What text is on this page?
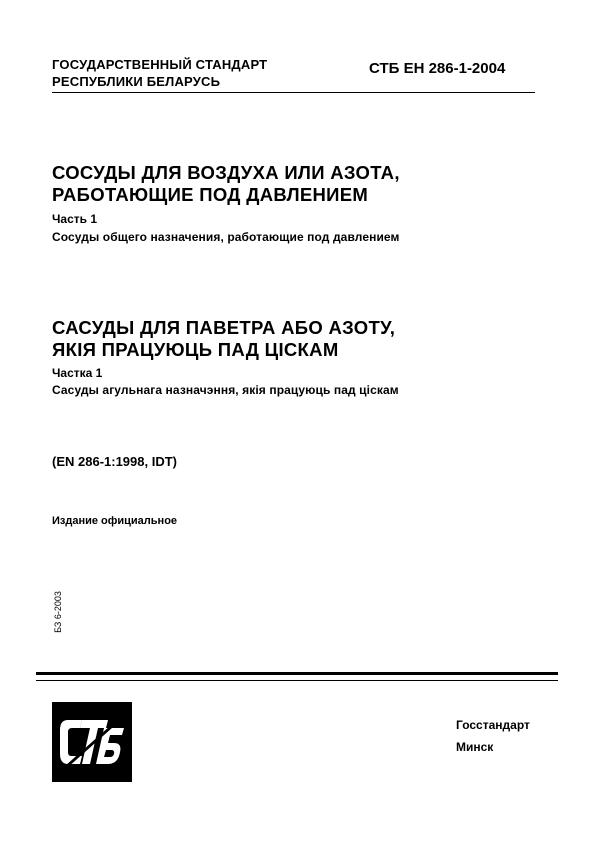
ГОСУДАРСТВЕННЫЙ СТАНДАРТ
РЕСПУБЛИКИ БЕЛАРУСЬ
СТБ ЕН 286-1-2004
СОСУДЫ ДЛЯ ВОЗДУХА ИЛИ АЗОТА,
РАБОТАЮЩИЕ ПОД ДАВЛЕНИЕМ
Часть 1
Сосуды общего назначения, работающие под давлением
САСУДЫ ДЛЯ ПАВЕТРА АБО АЗОТУ,
ЯКІЯ ПРАЦУЮЦЬ ПАД ЦІСКАМ
Частка 1
Сасуды агульнага назначэння, якія працуюць пад ціскам
(EN 286-1:1998, IDT)
Издание официальное
БЗ 6-2003
Госстандарт
Минск
